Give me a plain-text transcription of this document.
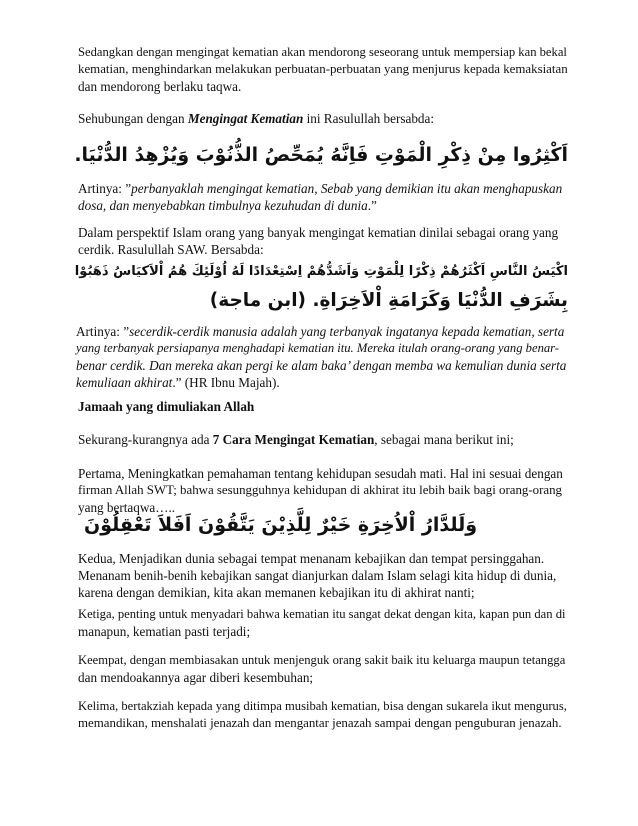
Sedangkan dengan mengingat kematian akan mendorong seseorang untuk mempersiap kan bekal

kematian, menghindarkan melakukan perbuatan-perbuatan yang menjurus kepada kemaksiatan

dan mendorong berlaku taqwa.

Sehubungan dengan Mengingat Kematian ini Rasulullah bersabda:

اَكْثِرُوا مِنْ ذِكْرِ الْمَوْتِ فَاِنَّهُ يُمَحِّصُ الذُّنُوْبَ وَيُزْهِدُ الدُّنْيَا.

Artinya: ”perbanyaklah mengingat kematian, Sebab yang demikian itu akan menghapuskan

dosa, dan menyebabkan timbulnya kezuhudan di dunia.”

Dalam perspektif Islam orang yang banyak mengingat kematian dinilai sebagai orang yang

cerdik. Rasulullah SAW. Bersabda:

اكْيَسُ النَّاسِ اَكْثَرُهُمْ ذِكْرًا لِلْمَوْتِ وَاَشَدُّهُمْ اِسْتِعْدَادًا لَهُ اُوْلَئِكَ هُمُ اْلاَكيَاسُ ذَهَبُوْا
بِشَرَفِ الدُّنْيَا وَكَرَامَةِ اْلاَخِرَاةِ. (ابن ماجة)

Artinya: ”secerdik-cerdik manusia adalah yang terbanyak ingatanya kepada kematian, serta

yang terbanyak persiapanya menghadapi kematian itu. Mereka itulah orang-orang yang benar-

benar cerdik. Dan mereka akan pergi ke alam baka’ dengan memba wa kemulian dunia serta

kemuliaan akhirat.” (HR Ibnu Majah).

Jamaah yang dimuliakan Allah

Sekurang-kurangnya ada 7 Cara Mengingat Kematian, sebagai mana berikut ini;

Pertama, Meningkatkan pemahaman tentang kehidupan sesudah mati. Hal ini sesuai dengan

firman Allah SWT; bahwa sesungguhnya kehidupan di akhirat itu lebih baik bagi orang-orang

yang bertaqwa…..

وَلَلدَّارُ اْلاُخِرَةِ خَيْرٌ لِلَّذِيْنَ يَتَّقُوْنَ اَفَلاَ تَعْقِلُوْنَ

Kedua, Menjadikan dunia sebagai tempat menanam kebajikan dan tempat persinggahan.

Menanam benih-benih kebajikan sangat dianjurkan dalam Islam selagi kita hidup di dunia,

karena dengan demikian, kita akan memanen kebajikan itu di akhirat nanti;

Ketiga, penting untuk menyadari bahwa kematian itu sangat dekat dengan kita, kapan pun dan di

manapun, kematian pasti terjadi;

Keempat, dengan membiasakan untuk menjenguk orang sakit baik itu keluarga maupun tetangga

dan mendoakannya agar diberi kesembuhan;

Kelima, bertakziah kepada yang ditimpa musibah kematian, bisa dengan sukarela ikut mengurus,

memandikan, menshalati jenazah dan mengantar jenazah sampai dengan penguburan jenazah.
